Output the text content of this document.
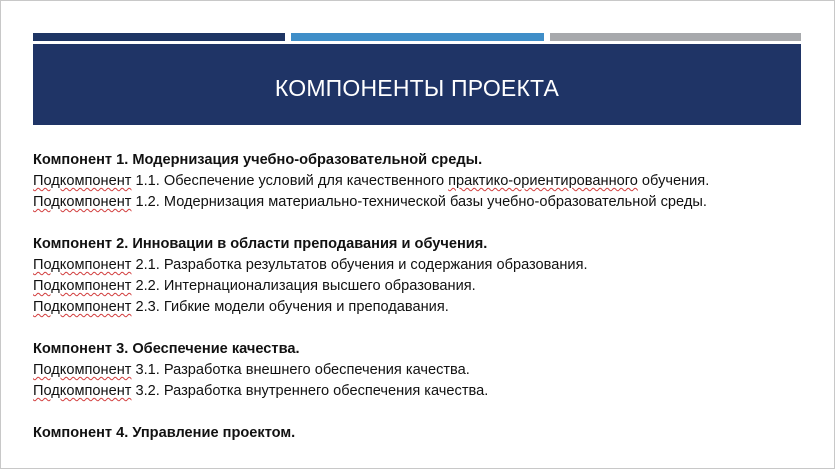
КОМПОНЕНТЫ ПРОЕКТА
Компонент 1. Модернизация учебно-образовательной среды.
Подкомпонент 1.1. Обеспечение условий для качественного практико-ориентированного обучения.
Подкомпонент 1.2. Модернизация материально-технической базы учебно-образовательной среды.
Компонент 2. Инновации в области преподавания и обучения.
Подкомпонент 2.1. Разработка результатов обучения и содержания образования.
Подкомпонент 2.2. Интернационализация высшего образования.
Подкомпонент 2.3. Гибкие модели обучения и преподавания.
Компонент 3. Обеспечение качества.
Подкомпонент 3.1. Разработка внешнего обеспечения качества.
Подкомпонент 3.2. Разработка внутреннего обеспечения качества.
Компонент 4. Управление проектом.
